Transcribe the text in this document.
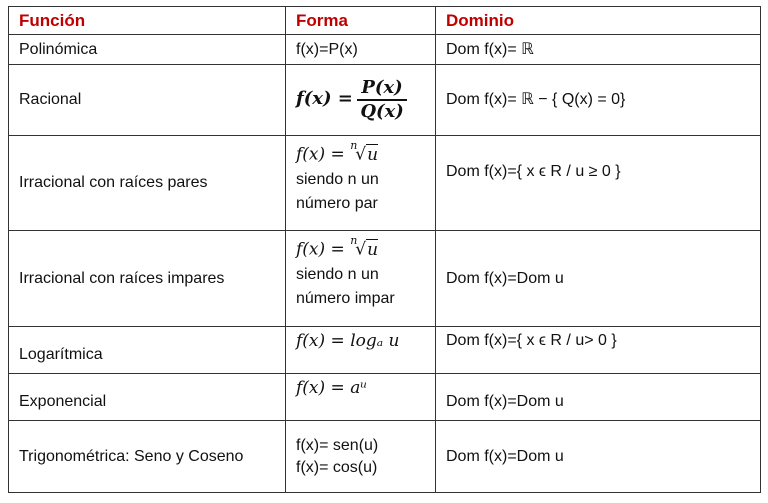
Función	Forma	Dominio
Polinómica	f(x)=P(x)	Dom f(x)= ℝ
Racional	$f(x) = \frac{P(x)}{Q(x)}$	Dom f(x)= ℝ − { Q(x) = 0}
Irracional con raíces pares	f(x) = $^n$√u
siendo n un
número par	Dom f(x)={ x ϵ R / u ≥ 0 }
Irracional con raíces impares	f(x) = $^n$√u
siendo n un
número impar	Dom f(x)=Dom u
Logarítmica	f(x) = logₐ u	Dom f(x)={ x ϵ R / u> 0 }
Exponencial	f(x) = aᵘ	Dom f(x)=Dom u
Trigonométrica: Seno y Coseno	f(x)= sen(u)
f(x)= cos(u)	Dom f(x)=Dom u
